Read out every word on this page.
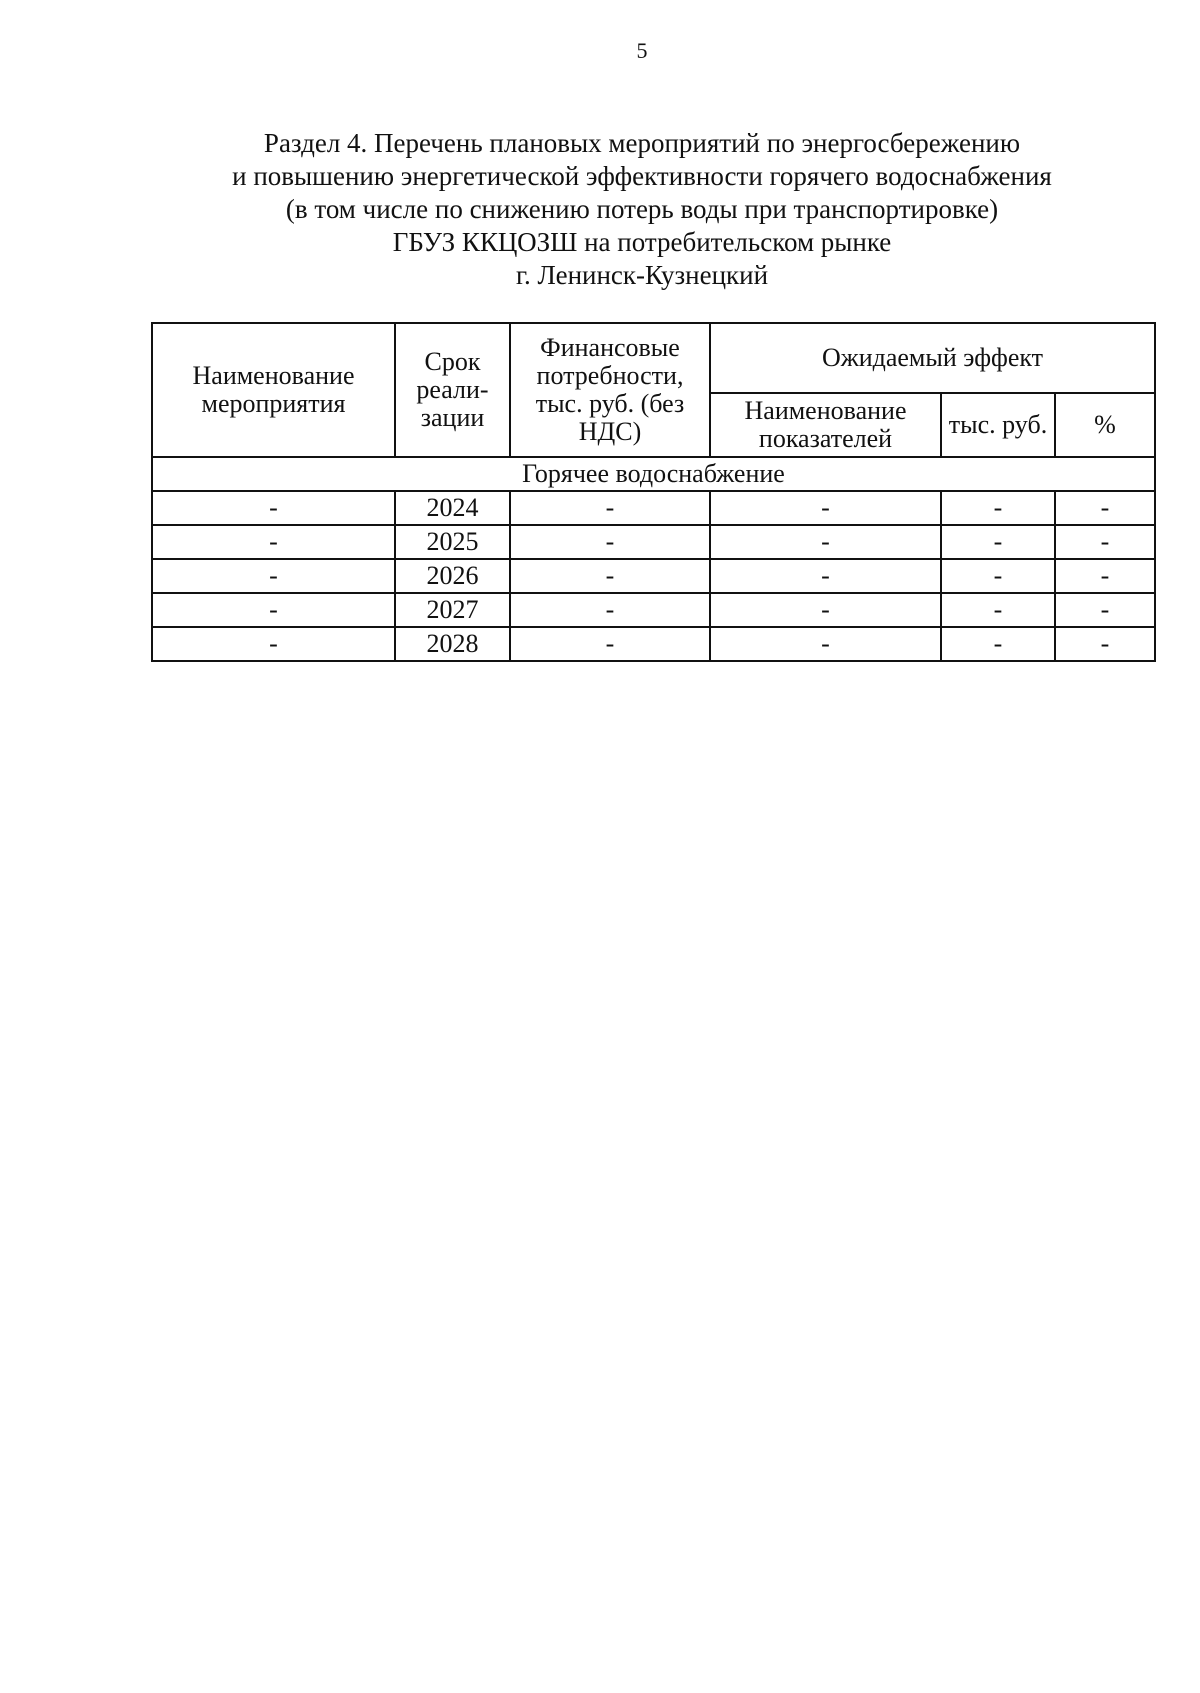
5
Раздел 4. Перечень плановых мероприятий по энергосбережению
и повышению энергетической эффективности горячего водоснабжения
(в том числе по снижению потерь воды при транспортировке)
ГБУЗ ККЦОЗШ на потребительском рынке
г. Ленинск-Кузнецкий
Наименование мероприятия	Срок реали-зации	Финансовые потребности, тыс. руб. (без НДС)	Ожидаемый эффект		
			Наименование показателей	тыс. руб.	%
Горячее водоснабжение					
-	2024	-	-	-	-
-	2025	-	-	-	-
-	2026	-	-	-	-
-	2027	-	-	-	-
-	2028	-	-	-	-
